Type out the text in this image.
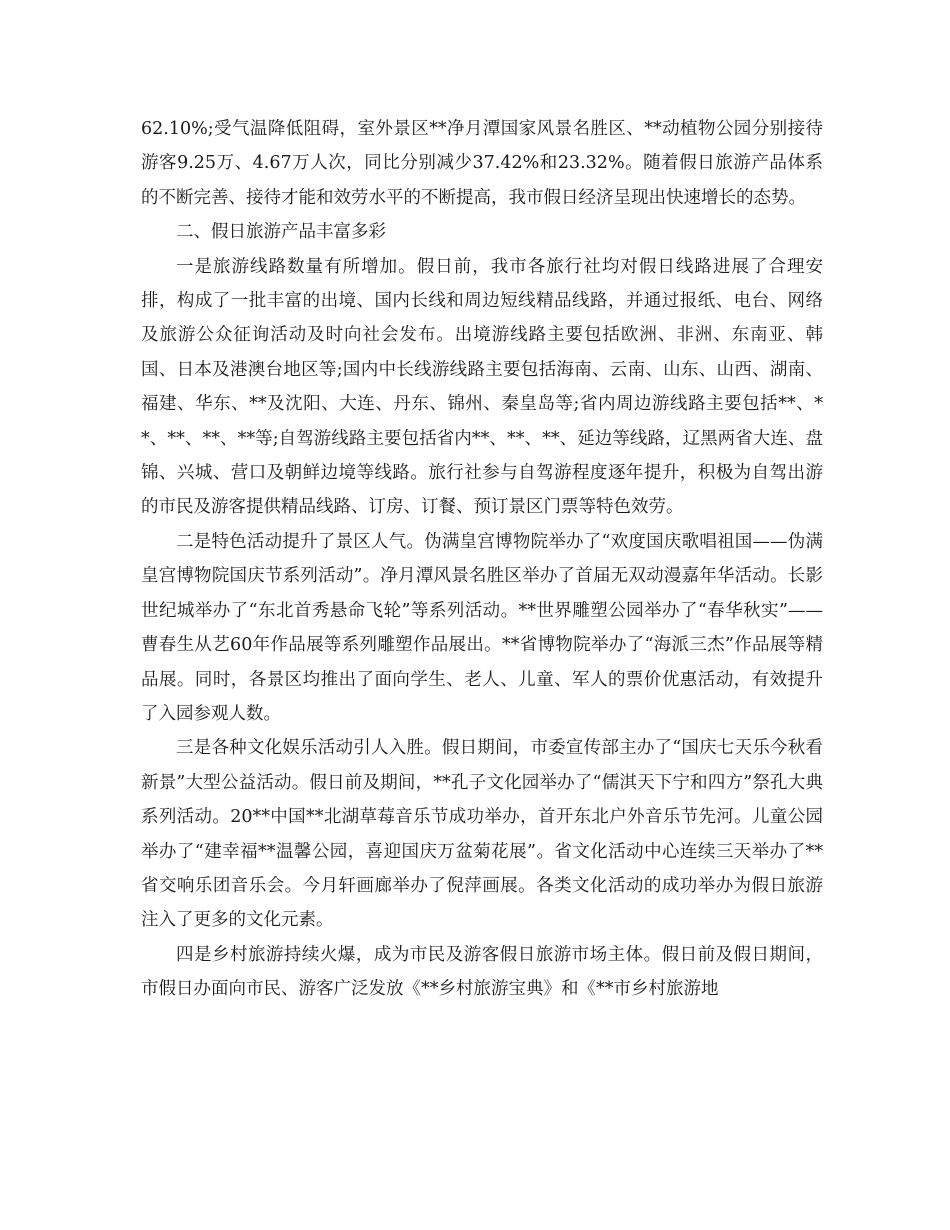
62.10%;受气温降低阻碍，室外景区**净月潭国家风景名胜区、**动植物公园分别接待游客9.25万、4.67万人次，同比分别减少37.42%和23.32%。随着假日旅游产品体系的不断完善、接待才能和效劳水平的不断提高，我市假日经济呈现出快速增长的态势。

二、假日旅游产品丰富多彩

一是旅游线路数量有所增加。假日前，我市各旅行社均对假日线路进展了合理安排，构成了一批丰富的出境、国内长线和周边短线精品线路，并通过报纸、电台、网络及旅游公众征询活动及时向社会发布。出境游线路主要包括欧洲、非洲、东南亚、韩国、日本及港澳台地区等;国内中长线游线路主要包括海南、云南、山东、山西、湖南、福建、华东、**及沈阳、大连、丹东、锦州、秦皇岛等;省内周边游线路主要包括**、**、**、**、**等;自驾游线路主要包括省内**、**、**、延边等线路，辽黑两省大连、盘锦、兴城、营口及朝鲜边境等线路。旅行社参与自驾游程度逐年提升，积极为自驾出游的市民及游客提供精品线路、订房、订餐、预订景区门票等特色效劳。

二是特色活动提升了景区人气。伪满皇宫博物院举办了“欢度国庆歌唱祖国——伪满皇宫博物院国庆节系列活动”。净月潭风景名胜区举办了首届无双动漫嘉年华活动。长影世纪城举办了“东北首秀悬命飞轮”等系列活动。**世界雕塑公园举办了“春华秋实”——曹春生从艺60年作品展等系列雕塑作品展出。**省博物院举办了“海派三杰”作品展等精品展。同时，各景区均推出了面向学生、老人、儿童、军人的票价优惠活动，有效提升了入园参观人数。

三是各种文化娱乐活动引人入胜。假日期间，市委宣传部主办了“国庆七天乐今秋看新景”大型公益活动。假日前及期间，**孔子文化园举办了“儒淇天下宁和四方”祭孔大典系列活动。20**中国**北湖草莓音乐节成功举办，首开东北户外音乐节先河。儿童公园举办了“建幸福**温馨公园，喜迎国庆万盆菊花展”。省文化活动中心连续三天举办了**省交响乐团音乐会。今月轩画廊举办了倪萍画展。各类文化活动的成功举办为假日旅游注入了更多的文化元素。

四是乡村旅游持续火爆，成为市民及游客假日旅游市场主体。假日前及假日期间，市假日办面向市民、游客广泛发放《**乡村旅游宝典》和《**市乡村旅游地
